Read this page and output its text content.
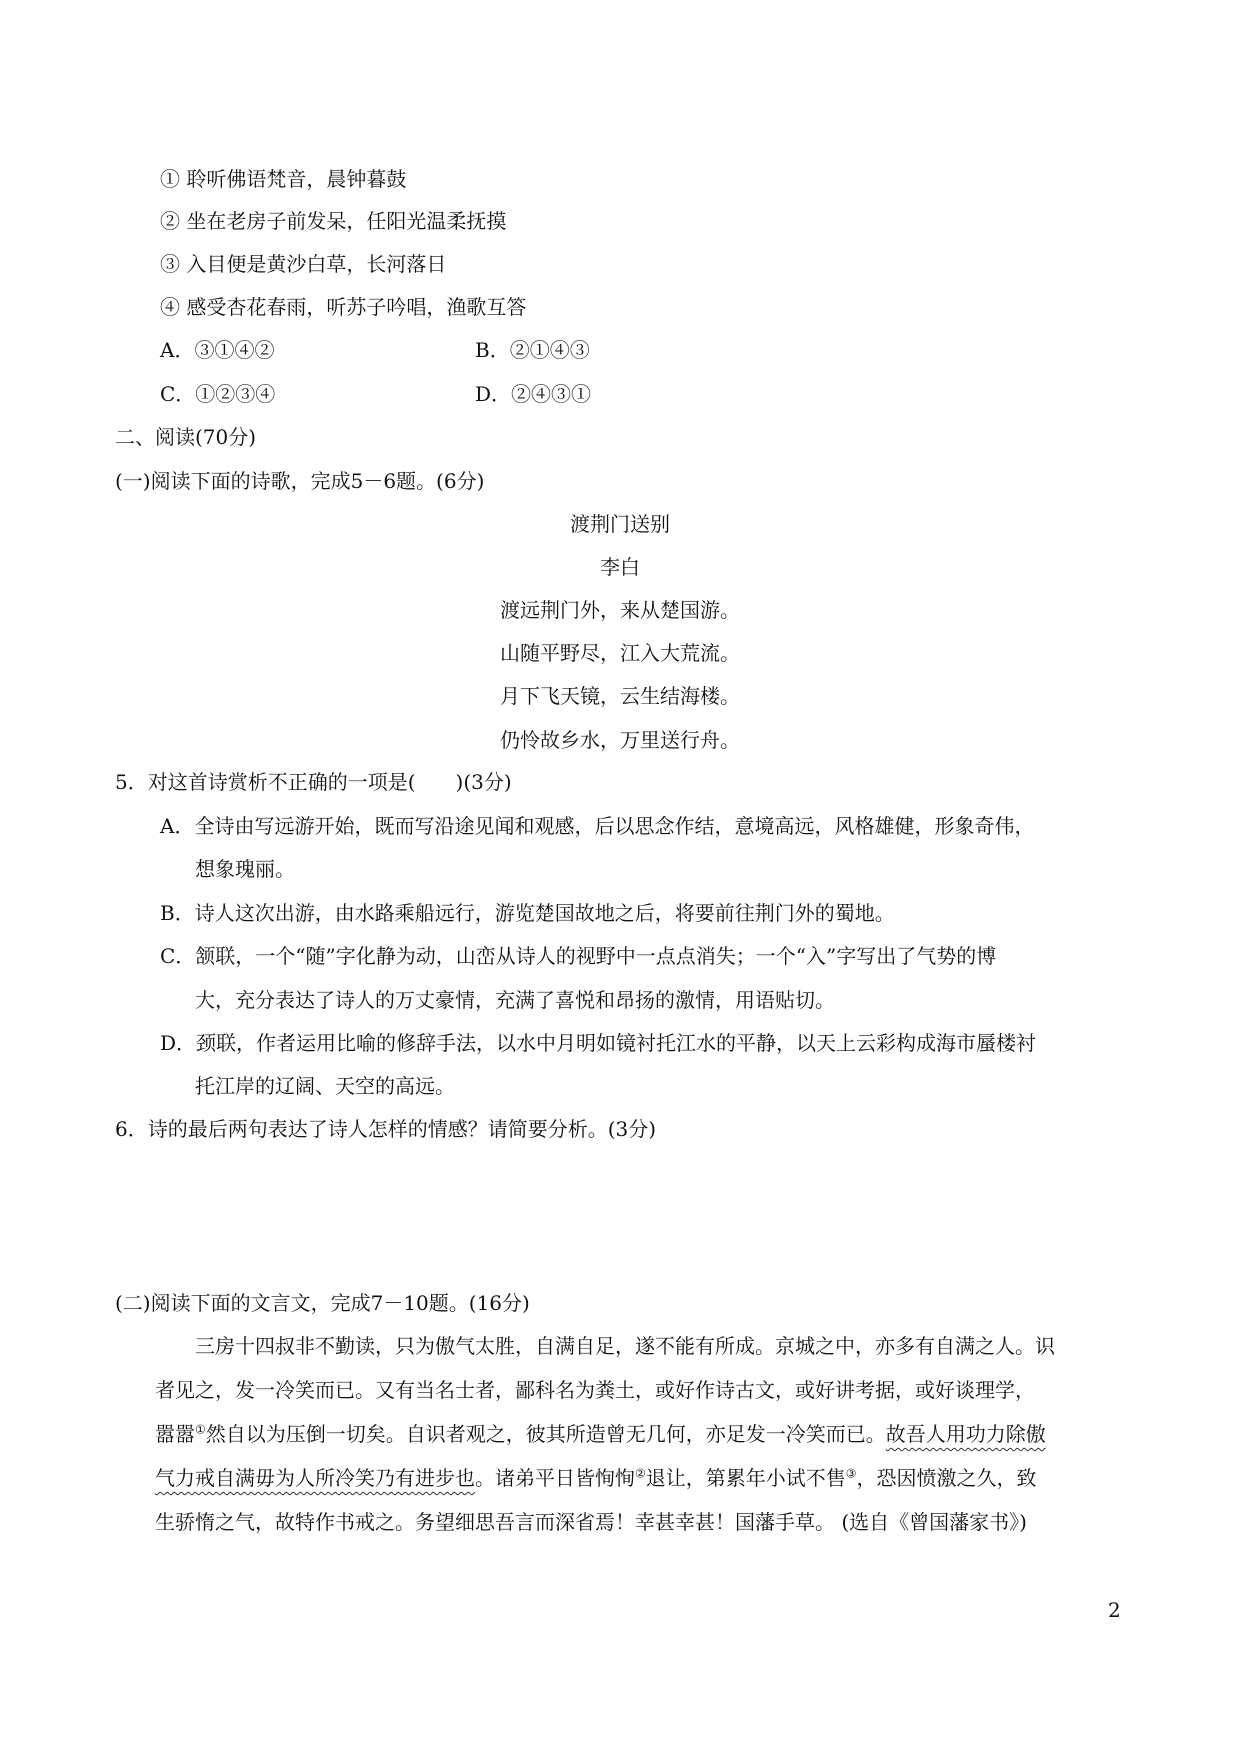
① 聆听佛语梵音，晨钟暮鼓
② 坐在老房子前发呆，任阳光温柔抚摸
③ 入目便是黄沙白草，长河落日
④ 感受杏花春雨，听苏子吟唱，渔歌互答
A．③①④②	B．②①④③
C．①②③④	D．②④③①
二、阅读(70分)
(一)阅读下面的诗歌，完成5－6题。(6分)
渡荆门送别
李白
渡远荆门外，来从楚国游。
山随平野尽，江入大荒流。
月下飞天镜，云生结海楼。
仍怜故乡水，万里送行舟。
5．对这首诗赏析不正确的一项是(　　)(3分)
A．全诗由写远游开始，既而写沿途见闻和观感，后以思念作结，意境高远，风格雄健，形象奇伟，
想象瑰丽。
B．诗人这次出游，由水路乘船远行，游览楚国故地之后，将要前往荆门外的蜀地。
C．颔联，一个“随”字化静为动，山峦从诗人的视野中一点点消失；一个“入”字写出了气势的博
大，充分表达了诗人的万丈豪情，充满了喜悦和昂扬的激情，用语贴切。
D．颈联，作者运用比喻的修辞手法，以水中月明如镜衬托江水的平静，以天上云彩构成海市蜃楼衬
托江岸的辽阔、天空的高远。
6．诗的最后两句表达了诗人怎样的情感？请简要分析。(3分)
(二)阅读下面的文言文，完成7－10题。(16分)
三房十四叔非不勤读，只为傲气太胜，自满自足，遂不能有所成。京城之中，亦多有自满之人。识
者见之，发一冷笑而已。又有当名士者，鄙科名为粪土，或好作诗古文，或好讲考据，或好谈理学，
嚣嚣①然自以为压倒一切矣。自识者观之，彼其所造曾无几何，亦足发一冷笑而已。故吾人用功力除傲
气力戒自满毋为人所冷笑乃有进步也。诸弟平日皆恂恂②退让，第累年小试不售③，恐因愤激之久，致
生骄惰之气，故特作书戒之。务望细思吾言而深省焉！幸甚幸甚！国藩手草。 (选自《曾国藩家书》)
2
